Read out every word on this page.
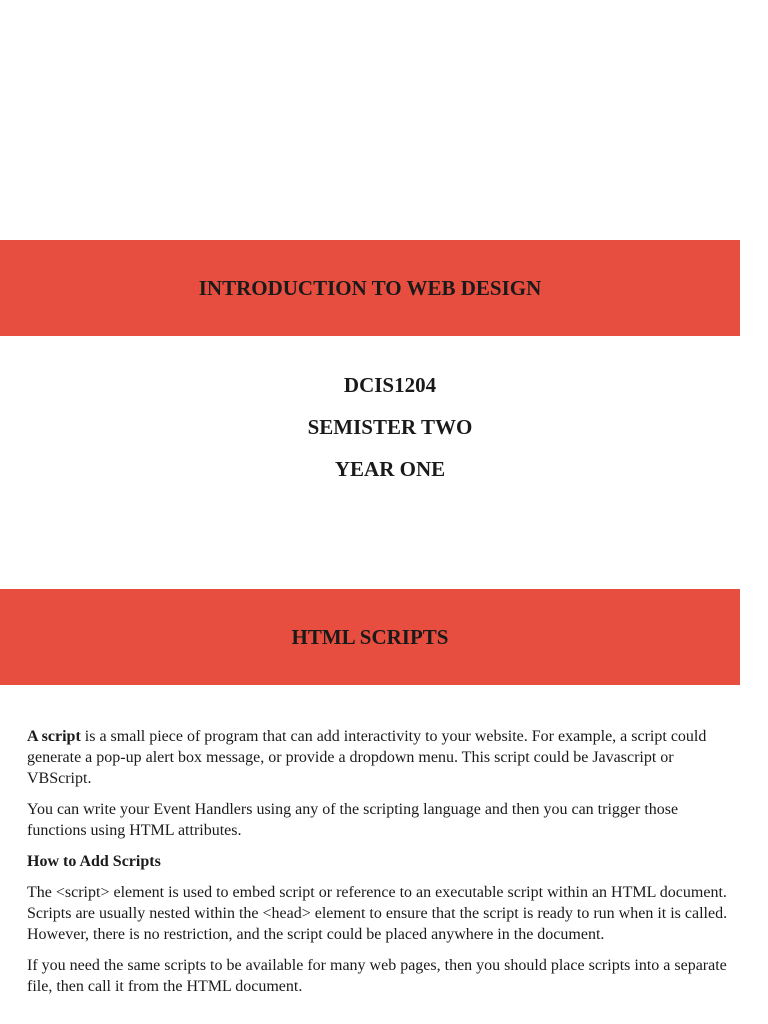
INTRODUCTION TO WEB DESIGN

DCIS1204

SEMISTER TWO

YEAR ONE

HTML SCRIPTS

A script is a small piece of program that can add interactivity to your website. For example, a script could generate a pop-up alert box message, or provide a dropdown menu. This script could be Javascript or VBScript.

You can write your Event Handlers using any of the scripting language and then you can trigger those functions using HTML attributes.

How to Add Scripts

The <script> element is used to embed script or reference to an executable script within an HTML document. Scripts are usually nested within the <head> element to ensure that the script is ready to run when it is called. However, there is no restriction, and the script could be placed anywhere in the document.

If you need the same scripts to be available for many web pages, then you should place scripts into a separate file, then call it from the HTML document.
